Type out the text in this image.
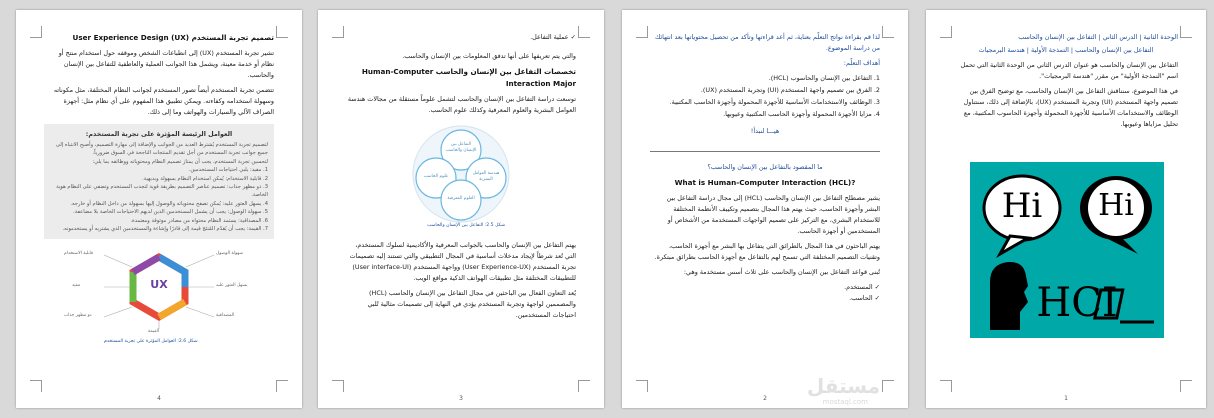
تصميم تجربة المستخدم (User Experience Design (UX
تشير تجربة المستخدم (UX) إلى انطباعات الشخص وموقفه حول استخدام منتج أو نظام أو خدمة معينة، ويشمل هذا الجوانب العملية والعاطفية للتفاعل بين الإنسان والحاسب.
تتضمن تجربة المستخدم أيضاً تصور المستخدم لجوانب النظام المختلفة، مثل مكوناته وسهولة استخدامه وكفاءته. ويمكن تطبيق هذا المفهوم على أي نظام مثل: أجهزة الصراف الآلي والسيارات والهواتف وما إلى ذلك.
العوامل الرئيسة المؤثرة على تجربة المستخدم:
لتصميم تجربة المستخدم يُشترط العديد من الجوانب والإضافة إلى مهارة التصميم، وأصبح الانتباه إلى جميع جوانب تجربة المستخدم من أجل تقديم المنتجات الناجحة في السوق ضرورياً.
لتحسين تجربة المستخدم، يجب أن يمتاز تصميم النظام ومحتوياته ووظائفه بما يلي:
1. مفيد: يلبي احتياجات المستخدمين.
2. قابلية الاستخدام: يُمكن استخدام النظام بسهولة وبديهية.
3. ذو مظهر جذاب: تصميم عناصر التصميم بطريقة قوية لتجذب المستخدم وتضفي على النظام هوية الخاصة.
4. يسهل العثور عليه: يُمكن تصفح محتوياته والوصول إليها بسهولة من داخل النظام أو خارجه.
5. سهولة الوصول: يجب أن يشمل المستخدمين الذين لديهم الاحتياجات الخاصة بلا مضاعفة.
6. المصداقية: يستمد النظام محتواه من مصادر موثوقة ومعتمدة.
7. القيمة: يجب أن يُقدّم المُنتَج قيمة إلى قادرًا وإشاءة والمستخدمين الذي يشتريه أو يستخدمونه.
UX
قابلية الاستخدام
مفيد
ذو مظهر جذاب
سهولة الوصول
يسهل العثور عليه
المصداقية
القيمة
شكل 2.6: العوامل المؤثرة على تجربة المستخدم
4
✓ عملية التفاعل.
والتي يتم تعريفها على أنها تدفق المعلومات بين الإنسان والحاسب.
تخصصات التفاعل بين الإنسان والحاسب Human-Computer
Interaction Major
توسعت دراسة التفاعل بين الإنسان والحاسب لتشمل علوماً مستقلة من مجالات هندسة العوامل البشرية والعلوم المعرفية وكذلك علوم الحاسب.
التفاعل بين الإنسان والحاسب
علوم الحاسب
هندسة العوامل البشرية
العلوم المعرفية
شكل 2.5: التفاعل بين الإنسان والحاسب
يهتم التفاعل بين الإنسان والحاسب بالجوانب المعرفية والأكاديمية لسلوك المستخدم، التي تُعد شرطاً لإيجاد مدخلات أساسية في المجال التطبيقي والتي تستند إليه تصميمات تجربة المستخدم (User Experience-UX) وواجهة المستخدم (User interface-UI) للتطبيقات المختلفة مثل تطبيقات الهواتف الذكية مواقع الويب.
يُعد التعاون الفعال بين الباحثين في مجال التفاعل بين الإنسان والحاسب (HCL) والمصممين لواجهة وتجربة المستخدم يؤدي في النهاية إلى تصميمات مثالية تُلبي احتياجات المستخدمين.
3
لذا قم بقراءة نواتج التعلّم بعناية، ثم أعد قراءتها وتأكد من تحصيل محتوياتها بعد انتهائك من دراسة الموضوع.
أهداف التعلّم:
1. التفاعل بين الإنسان والحاسوب (HCL).
2. الفرق بين تصميم واجهة المستخدم (UI) وتجربة المستخدم (UX).
3. الوظائف والاستخدامات الأساسية للأجهزة المحمولة وأجهزة الحاسب المكتبية.
4. مزايا الأجهزة المحمولة وأجهزة الحاسب المكتبية وعيوبها.
هيـــا لنبدأ!
ما المقصود بالتفاعل بين الإنسان والحاسب؟
What is Human-Computer Interaction (HCL)?
يشير مصطلح التفاعل بين الإنسان والحاسب (HCL) إلى مجال دراسة التفاعل بين البشر وأجهزة الحاسب، حيث يهتم هذا المجال بتصميم وتكييف الأنظمة المختلفة للاستخدام البشري، مع التركيز على تصميم الواجهات المستخدمة من الأشخاص أو المستخدمين أو أجهزة الحاسب.
يهتم الباحثون في هذا المجال بالطرائق التي يتفاعل بها البشر مع أجهزة الحاسب، وتقنيات التصميم المختلفة التي تسمح لهم بالتفاعل مع أجهزة الحاسب بطرائق مبتكرة.
تُبنى قواعد التفاعل بين الإنسان والحاسب على ثلاث أسس مستخدمة وهي:
✓ المستخدم.
✓ الحاسب.
2
مستقل
mostaql.com
الوحدة الثانية | الدرس الثاني | التفاعل بين الإنسان والحاسب
التفاعل بين الإنسان والحاسب | التمذجة الأولية | هندسة البرمجيات
التفاعل بين الإنسان والحاسب هو عنوان الدرس الثاني من الوحدة الثانية التي تحمل اسم "النمذجة الأولية" من مقرر "هندسة البرمجيات".
في هذا الموضوع، سنناقش التفاعل بين الإنسان والحاسب، مع توضيح الفرق بين تصميم واجهة المستخدم (UI) وتجربة المستخدم (UX)، بالإضافة إلى ذلك، سنتناول الوظائف والاستخدامات الأساسية للأجهزة المحمولة وأجهزة الحاسوب المكتبية، مع تحليل مزاياها وعيوبها.
Hi	Hi
HCI
1
